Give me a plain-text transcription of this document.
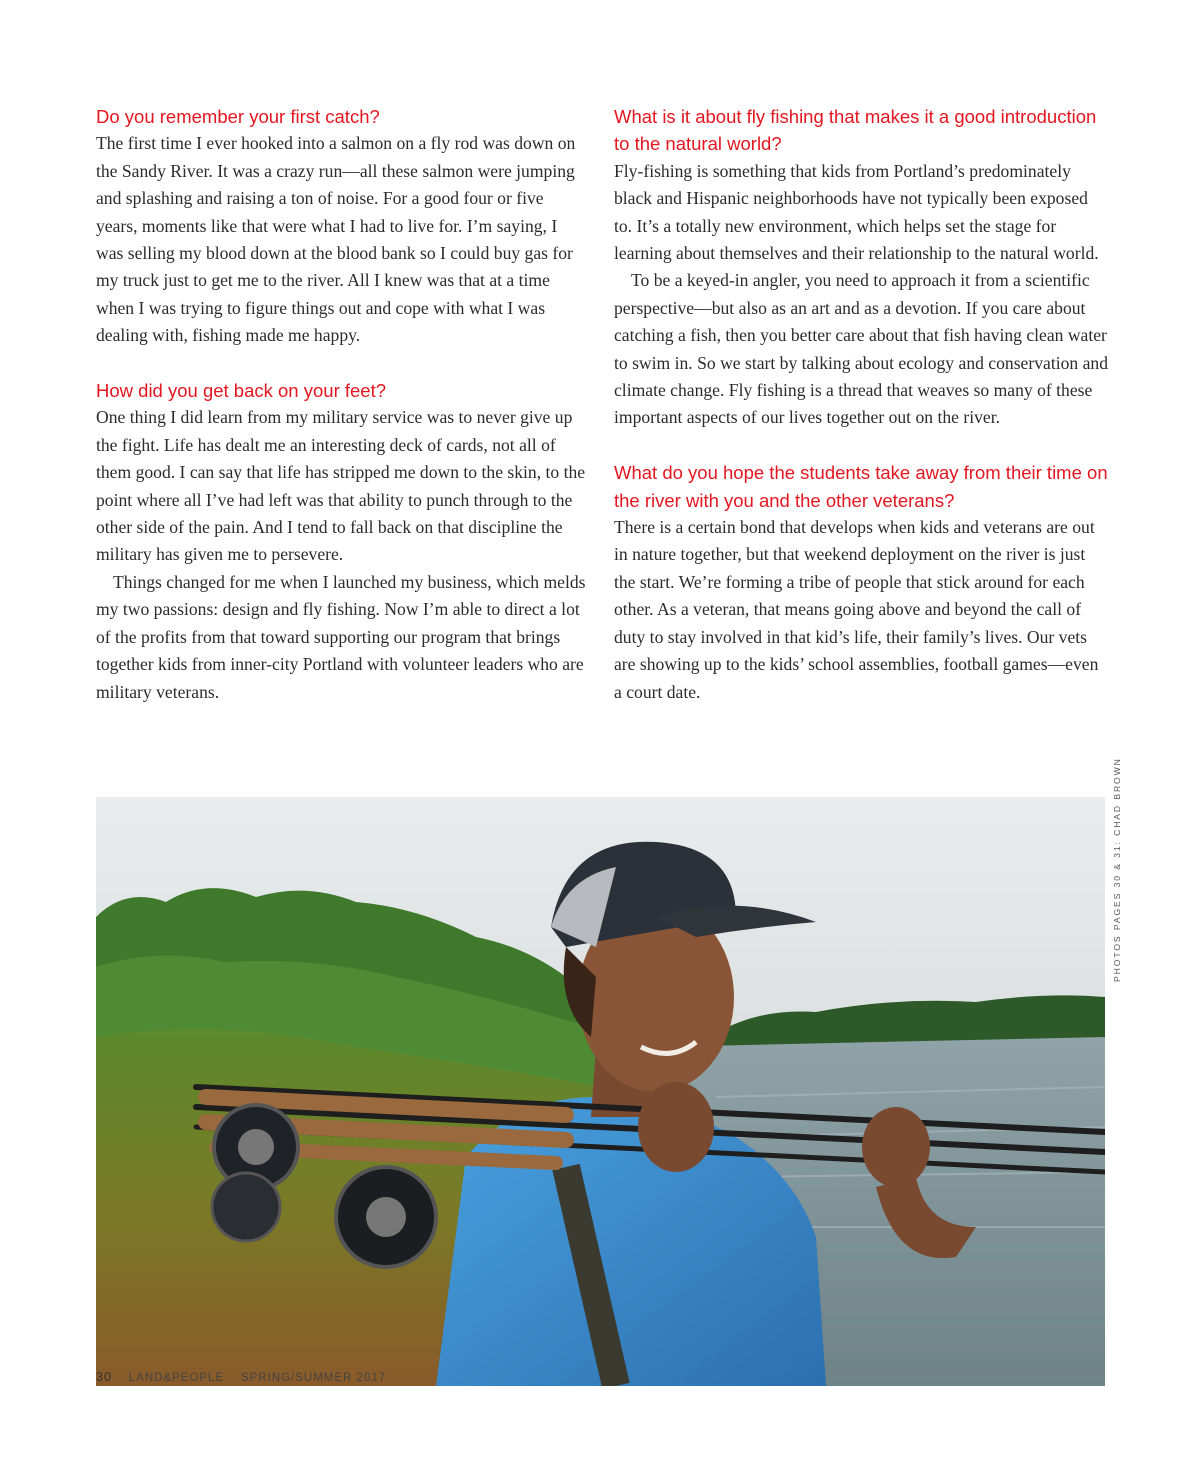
Do you remember your first catch?

The first time I ever hooked into a salmon on a fly rod was down on the Sandy River. It was a crazy run—all these salmon were jumping and splashing and raising a ton of noise. For a good four or five years, moments like that were what I had to live for. I’m saying, I was selling my blood down at the blood bank so I could buy gas for my truck just to get me to the river. All I knew was that at a time when I was trying to figure things out and cope with what I was dealing with, fishing made me happy.

How did you get back on your feet?

One thing I did learn from my military service was to never give up the fight. Life has dealt me an interesting deck of cards, not all of them good. I can say that life has stripped me down to the skin, to the point where all I’ve had left was that ability to punch through to the other side of the pain. And I tend to fall back on that discipline the military has given me to persevere.

Things changed for me when I launched my business, which melds my two passions: design and fly fishing. Now I’m able to direct a lot of the profits from that toward supporting our program that brings together kids from inner-city Portland with volunteer leaders who are military veterans.

What is it about fly fishing that makes it a good introduction to the natural world?

Fly-fishing is something that kids from Portland’s predominately black and Hispanic neighborhoods have not typically been exposed to. It’s a totally new environment, which helps set the stage for learning about themselves and their relationship to the natural world.

To be a keyed-in angler, you need to approach it from a scientific perspective—but also as an art and as a devotion. If you care about catching a fish, then you better care about that fish having clean water to swim in. So we start by talking about ecology and conservation and climate change. Fly fishing is a thread that weaves so many of these important aspects of our lives together out on the river.

What do you hope the students take away from their time on the river with you and the other veterans?

There is a certain bond that develops when kids and veterans are out in nature together, but that weekend deployment on the river is just the start. We’re forming a tribe of people that stick around for each other. As a veteran, that means going above and beyond the call of duty to stay involved in that kid’s life, their family’s lives. Our vets are showing up to the kids’ school assemblies, football games—even a court date.

PHOTOS PAGES 30 & 31: CHAD BROWN
30 · LAND&PEOPLE · SPRING/SUMMER 2017
